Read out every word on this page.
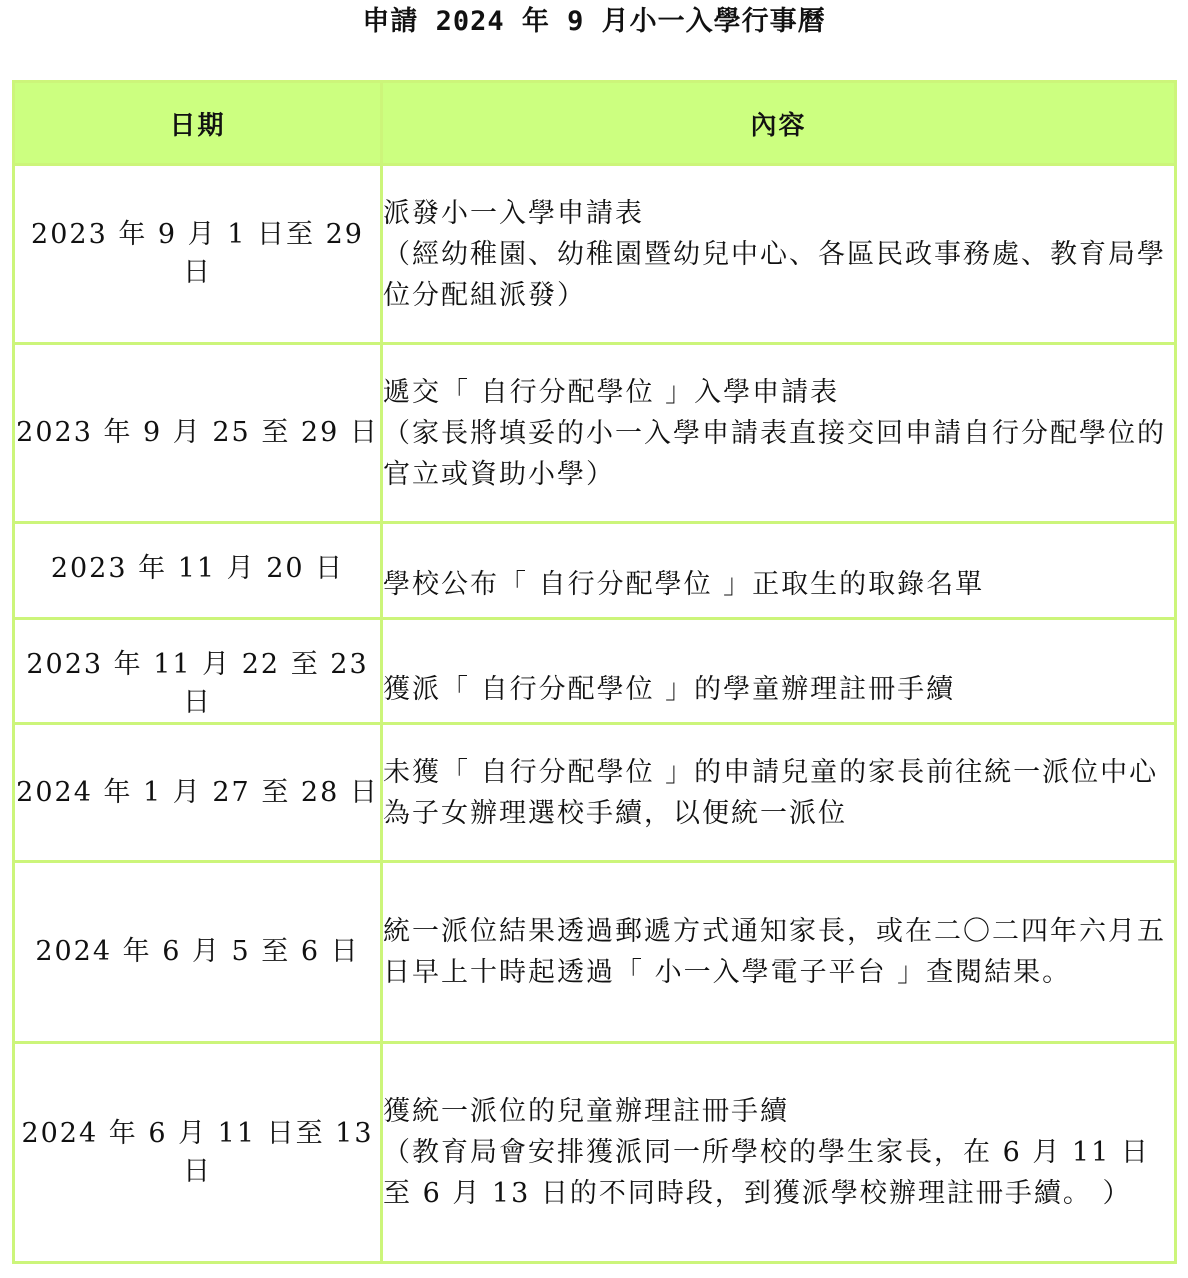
申請 2024 年 9 月小一入學行事曆
日期	內容
2023 年 9 月 1 日至 29 日	派發小一入學申請表
（經幼稚園、幼稚園暨幼兒中心、各區民政事務處、教育局學位分配組派發）

2023 年 9 月 25 至 29 日	遞交「 自行分配學位 」入學申請表
（家長將填妥的小一入學申請表直接交回申請自行分配學位的官立或資助小學）

2023 年 11 月 20 日	學校公布「 自行分配學位 」正取生的取錄名單

2023 年 11 月 22 至 23 日	獲派「 自行分配學位 」的學童辦理註冊手續

2024 年 1 月 27 至 28 日	未獲「 自行分配學位 」的申請兒童的家長前往統一派位中心為子女辦理選校手續，以便統一派位

2024 年 6 月 5 至 6 日	統一派位結果透過郵遞方式通知家長，或在二〇二四年六月五日早上十時起透過「 小一入學電子平台 」查閱結果。

2024 年 6 月 11 日至 13 日	獲統一派位的兒童辦理註冊手續
（教育局會安排獲派同一所學校的學生家長，在 6 月 11 日至 6 月 13 日的不同時段，到獲派學校辦理註冊手續。 ）
